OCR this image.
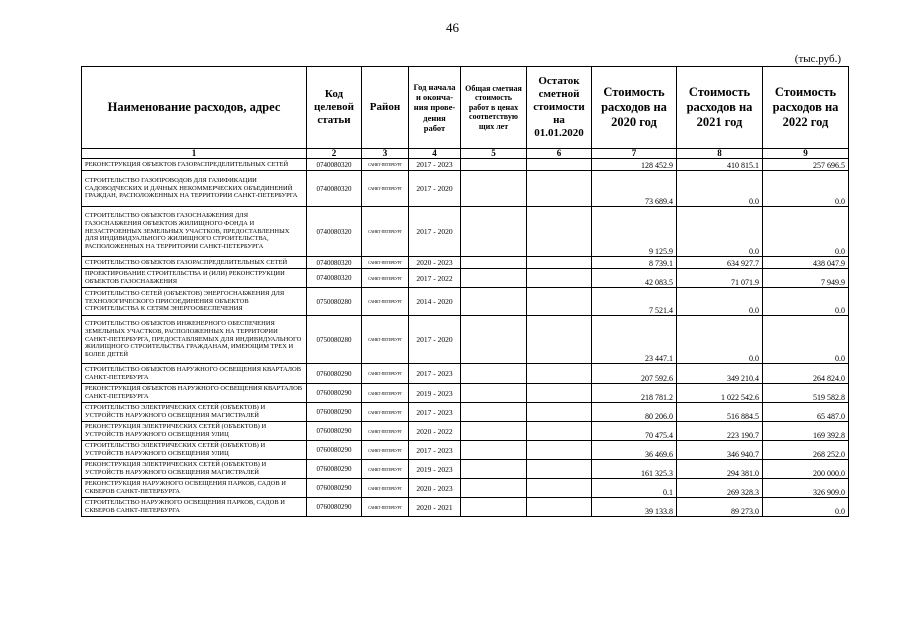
46
(тыс.руб.)
Наименование расходов, адрес	Код целевой статьи	Район	Год начала и оконча-ния прове-дения работ	Общая сметная стоимость работ в ценах соответствую щих лет	Остаток сметной стоимости на 01.01.2020	Стоимость расходов на 2020 год	Стоимость расходов на 2021 год	Стоимость расходов на 2022 год
1	2	3	4	5	6	7	8	9
РЕКОНСТРУКЦИЯ ОБЪЕКТОВ ГАЗОРАСПРЕДЕЛИТЕЛЬНЫХ СЕТЕЙ	0740080320	САНКТ-ПЕТЕРБУРГ	2017 - 2023			128 452.9	410 815.1	257 696.5
СТРОИТЕЛЬСТВО ГАЗОПРОВОДОВ ДЛЯ ГАЗИФИКАЦИИ САДОВОДЧЕСКИХ И ДАЧНЫХ НЕКОММЕРЧЕСКИХ ОБЪЕДИНЕНИЙ ГРАЖДАН, РАСПОЛОЖЕННЫХ НА ТЕРРИТОРИИ САНКТ-ПЕТЕРБУРГА	0740080320	САНКТ-ПЕТЕРБУРГ	2017 - 2020			73 689.4	0.0	0.0
СТРОИТЕЛЬСТВО ОБЪЕКТОВ ГАЗОСНАБЖЕНИЯ ДЛЯ ГАЗОСНАБЖЕНИЯ ОБЪЕКТОВ ЖИЛИЩНОГО ФОНДА И НЕЗАСТРОЕННЫХ ЗЕМЕЛЬНЫХ УЧАСТКОВ, ПРЕДОСТАВЛЕННЫХ ДЛЯ ИНДИВИДУАЛЬНОГО ЖИЛИЩНОГО СТРОИТЕЛЬСТВА, РАСПОЛОЖЕННЫХ НА ТЕРРИТОРИИ САНКТ-ПЕТЕРБУРГА	0740080320	САНКТ-ПЕТЕРБУРГ	2017 - 2020			9 125.9	0.0	0.0
СТРОИТЕЛЬСТВО ОБЪЕКТОВ ГАЗОРАСПРЕДЕЛИТЕЛЬНЫХ СЕТЕЙ	0740080320	САНКТ-ПЕТЕРБУРГ	2020 - 2023			8 739.1	634 927.7	438 047.9
ПРОЕКТИРОВАНИЕ СТРОИТЕЛЬСТВА И (ИЛИ) РЕКОНСТРУКЦИИ ОБЪЕКТОВ ГАЗОСНАБЖЕНИЯ	0740080320	САНКТ-ПЕТЕРБУРГ	2017 - 2022			42 083.5	71 071.9	7 949.9
СТРОИТЕЛЬСТВО СЕТЕЙ (ОБЪЕКТОВ) ЭНЕРГОСНАБЖЕНИЯ ДЛЯ ТЕХНОЛОГИЧЕСКОГО ПРИСОЕДИНЕНИЯ ОБЪЕКТОВ СТРОИТЕЛЬСТВА К СЕТЯМ ЭНЕРГООБЕСПЕЧЕНИЯ	0750080280	САНКТ-ПЕТЕРБУРГ	2014 - 2020			7 521.4	0.0	0.0
СТРОИТЕЛЬСТВО ОБЪЕКТОВ ИНЖЕНЕРНОГО ОБЕСПЕЧЕНИЯ ЗЕМЕЛЬНЫХ УЧАСТКОВ, РАСПОЛОЖЕННЫХ НА ТЕРРИТОРИИ САНКТ-ПЕТЕРБУРГА, ПРЕДОСТАВЛЯЕМЫХ ДЛЯ ИНДИВИДУАЛЬНОГО ЖИЛИЩНОГО СТРОИТЕЛЬСТВА ГРАЖДАНАМ, ИМЕЮЩИМ ТРЕХ И БОЛЕЕ ДЕТЕЙ	0750080280	САНКТ-ПЕТЕРБУРГ	2017 - 2020			23 447.1	0.0	0.0
СТРОИТЕЛЬСТВО ОБЪЕКТОВ НАРУЖНОГО ОСВЕЩЕНИЯ КВАРТАЛОВ САНКТ-ПЕТЕРБУРГА	0760080290	САНКТ-ПЕТЕРБУРГ	2017 - 2023			207 592.6	349 210.4	264 824.0
РЕКОНСТРУКЦИЯ ОБЪЕКТОВ НАРУЖНОГО ОСВЕЩЕНИЯ КВАРТАЛОВ САНКТ-ПЕТЕРБУРГА	0760080290	САНКТ-ПЕТЕРБУРГ	2019 - 2023			218 781.2	1 022 542.6	519 582.8
СТРОИТЕЛЬСТВО ЭЛЕКТРИЧЕСКИХ СЕТЕЙ (ОБЪЕКТОВ) И УСТРОЙСТВ НАРУЖНОГО ОСВЕЩЕНИЯ МАГИСТРАЛЕЙ	0760080290	САНКТ-ПЕТЕРБУРГ	2017 - 2023			80 206.0	516 884.5	65 487.0
РЕКОНСТРУКЦИЯ ЭЛЕКТРИЧЕСКИХ СЕТЕЙ (ОБЪЕКТОВ) И УСТРОЙСТВ НАРУЖНОГО ОСВЕЩЕНИЯ УЛИЦ	0760080290	САНКТ-ПЕТЕРБУРГ	2020 - 2022			70 475.4	223 190.7	169 392.8
СТРОИТЕЛЬСТВО ЭЛЕКТРИЧЕСКИХ СЕТЕЙ (ОБЪЕКТОВ) И УСТРОЙСТВ НАРУЖНОГО ОСВЕЩЕНИЯ УЛИЦ	0760080290	САНКТ-ПЕТЕРБУРГ	2017 - 2023			36 469.6	346 940.7	268 252.0
РЕКОНСТРУКЦИЯ ЭЛЕКТРИЧЕСКИХ СЕТЕЙ (ОБЪЕКТОВ) И УСТРОЙСТВ НАРУЖНОГО ОСВЕЩЕНИЯ МАГИСТРАЛЕЙ	0760080290	САНКТ-ПЕТЕРБУРГ	2019 - 2023			161 325.3	294 381.0	200 000.0
РЕКОНСТРУКЦИЯ НАРУЖНОГО ОСВЕЩЕНИЯ ПАРКОВ, САДОВ И СКВЕРОВ САНКТ-ПЕТЕРБУРГА	0760080290	САНКТ-ПЕТЕРБУРГ	2020 - 2023			0.1	269 328.3	326 909.0
СТРОИТЕЛЬСТВО НАРУЖНОГО ОСВЕЩЕНИЯ ПАРКОВ, САДОВ И СКВЕРОВ САНКТ-ПЕТЕРБУРГА	0760080290	САНКТ-ПЕТЕРБУРГ	2020 - 2021			39 133.8	89 273.0	0.0
